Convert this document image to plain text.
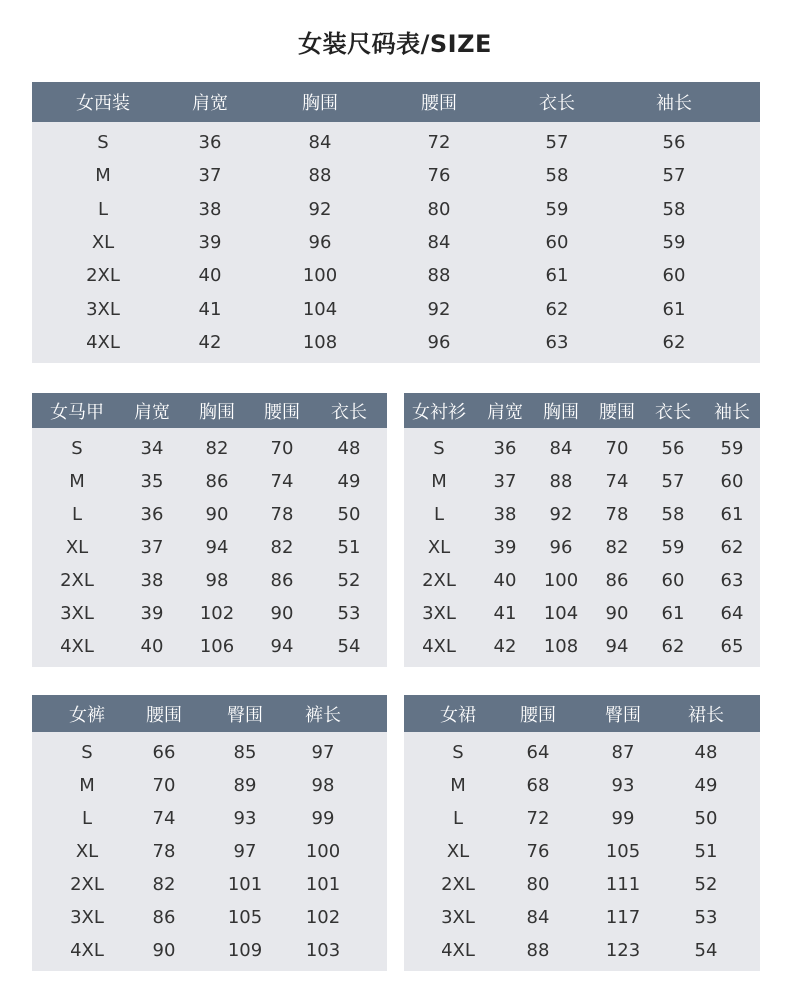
女装尺码表/SIZE
女西装	肩宽	胸围	腰围	衣长	袖长
S	36	84	72	57	56
M	37	88	76	58	57
L	38	92	80	59	58
XL	39	96	84	60	59
2XL	40	100	88	61	60
3XL	41	104	92	62	61
4XL	42	108	96	63	62
女马甲	肩宽	胸围	腰围	衣长
S	34	82	70	48
M	35	86	74	49
L	36	90	78	50
XL	37	94	82	51
2XL	38	98	86	52
3XL	39	102	90	53
4XL	40	106	94	54
女衬衫	肩宽	胸围	腰围	衣长	袖长
S	36	84	70	56	59
M	37	88	74	57	60
L	38	92	78	58	61
XL	39	96	82	59	62
2XL	40	100	86	60	63
3XL	41	104	90	61	64
4XL	42	108	94	62	65
女裤	腰围	臀围	裤长
S	66	85	97
M	70	89	98
L	74	93	99
XL	78	97	100
2XL	82	101	101
3XL	86	105	102
4XL	90	109	103
女裙	腰围	臀围	裙长
S	64	87	48
M	68	93	49
L	72	99	50
XL	76	105	51
2XL	80	111	52
3XL	84	117	53
4XL	88	123	54
